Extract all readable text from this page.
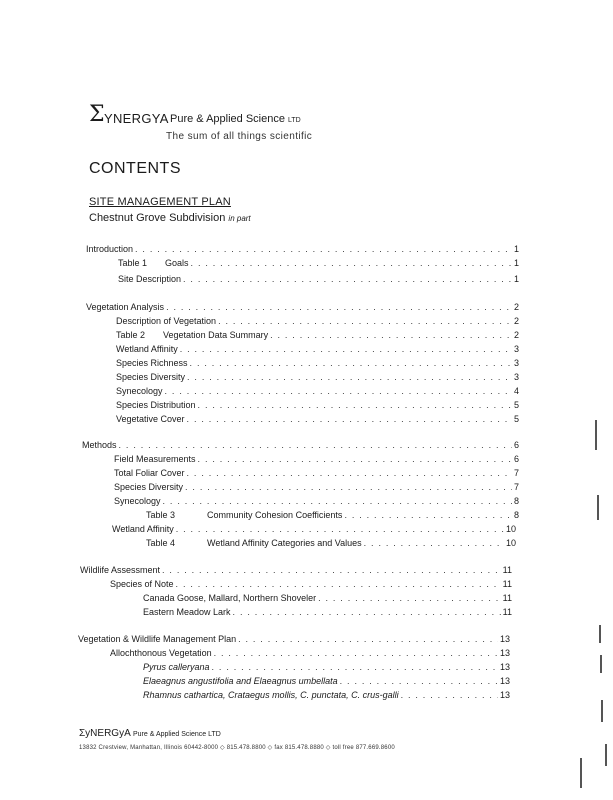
Σ YNERGYA Pure & Applied Science LTD
The sum of all things scientific
CONTENTS
SITE MANAGEMENT PLAN
Chestnut Grove Subdivision in part
Introduction . . .	1
Table 1 Goals . . .	1
Site Description . . .	1
Vegetation Analysis . . .	2
Description of Vegetation . . .	2
Table 2 Vegetation Data Summary . . .	2
Wetland Affinity . . .	3
Species Richness . . .	3
Species Diversity . . .	3
Synecology . . .	4
Species Distribution . . .	5
Vegetative Cover . . .	5
Methods . . .	6
Field Measurements . . .	6
Total Foliar Cover . . .	7
Species Diversity . . .	7
Synecology . . .	8
Table 3	Community Cohesion Coefficients . . .	8
Wetland Affinity . . .	10
Table 4	Wetland Affinity Categories and Values . . .	10
Wildlife Assessment . . .	11
Species of Note . . .	11
Canada Goose, Mallard, Northern Shoveler . . .	11
Eastern Meadow Lark . . .	11
Vegetation & Wildlife Management Plan . . .	13
Allochthonous Vegetation . . .	13
Pyrus calleryana . . .	13
Elaeagnus angustifolia and Elaeagnus umbellata . . .	13
Rhamnus cathartica, Crataegus mollis, C. punctata, C. crus-galli . . .	13
ΣyNERGyA Pure & Applied Science LTD
13832 Crestview, Manhattan, Illinois 60442-8000 ◇ 815.478.8800 ◇ fax 815.478.8880 ◇ toll free 877.669.8600
